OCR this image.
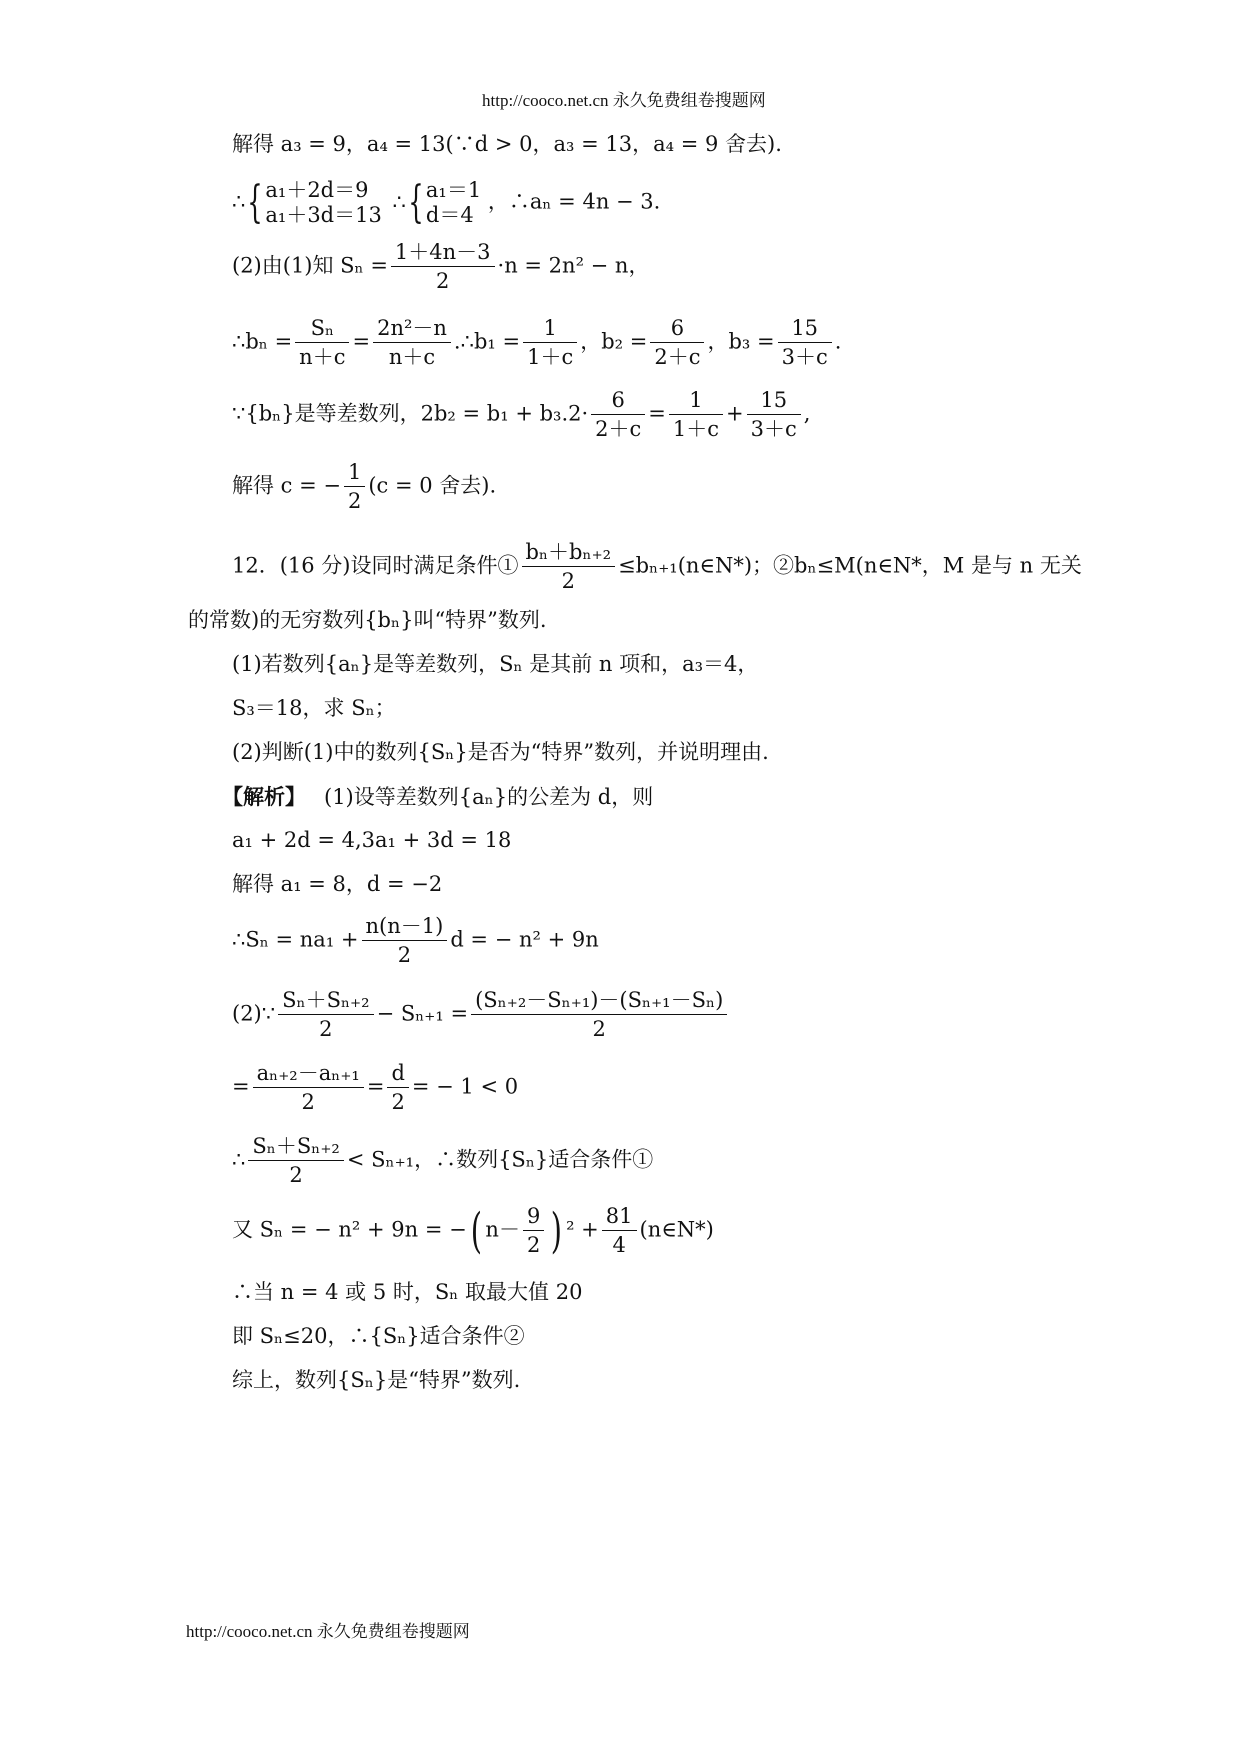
http://cooco.net.cn 永久免费组卷搜题网
解得 a₃ = 9，a₄ = 13(∵d > 0，a₃ = 13，a₄ = 9 舍去).
∴{ a₁＋2d＝9
a₁＋3d＝13
∴{ a₁＝1
d＝4
，∴aₙ = 4n − 3.
(2)由(1)知 $S_n = \frac{1+4n-3}{2} \cdot n = 2n^2 - n$，
∴bₙ = $\frac{\text{Sₙ}}{n+c} = \frac{\text{2n²－n}}{n+c}$ .∴b₁ = $\frac{1}{1+c}$ ，$b_2 = \frac{6}{2+c}$ ，$b_3 = \frac{15}{3+c}$ .
∵{bₙ}是等差数列，$2b_2 = b_1 + b_3.2\cdot \frac{6}{2+c} = \frac{1}{1+c} + \frac{15}{3+c}$ ,
解得 c = − $\frac{1}{2} (c = 0$ 舍去).
12．(16 分)设同时满足条件① $\frac{\text{bₙ＋bₙ₊₂}}{2}$ ≤bₙ₊₁(n∈N*)；②bₙ≤M(n∈N*，M 是与 n 无关
的常数)的无穷数列{bₙ}叫“特界”数列.
(1)若数列{aₙ}是等差数列，Sₙ 是其前 n 项和，a₃＝4，
S₃＝18，求 Sₙ；
(2)判断(1)中的数列{Sₙ}是否为“特界”数列，并说明理由.
【解析】 (1)设等差数列{aₙ}的公差为 d，则
a₁ + 2d = 4,3a₁ + 3d = 18
解得 a₁ = 8，d = −2
∴Sₙ = $na_1 + \frac{n(n-1)}{2}$ d = − n² + 9n
(2)∵ $\frac{\text{Sₙ＋Sₙ₊₂}}{2} - S_{n+1} = \frac{\text{(Sₙ₊₂－Sₙ₊₁)－(Sₙ₊₁－Sₙ)}}{2}$
= $\frac{\text{aₙ₊₂－aₙ₊₁}}{2} = \frac{d}{2}$ = − 1 < 0
∴ $\frac{\text{Sₙ＋Sₙ₊₂}}{2} < S_{n+1}$，∴数列{Sₙ}适合条件①
又 Sₙ = − n² + 9n = −( $n- \frac{9}{2}$ ) $^2 + \frac{81}{4}$ (n∈N*)
∴当 n = 4 或 5 时，Sₙ 取最大值 20
即 Sₙ≤20，∴{Sₙ}适合条件②
综上，数列{Sₙ}是“特界”数列.
http://cooco.net.cn 永久免费组卷搜题网
